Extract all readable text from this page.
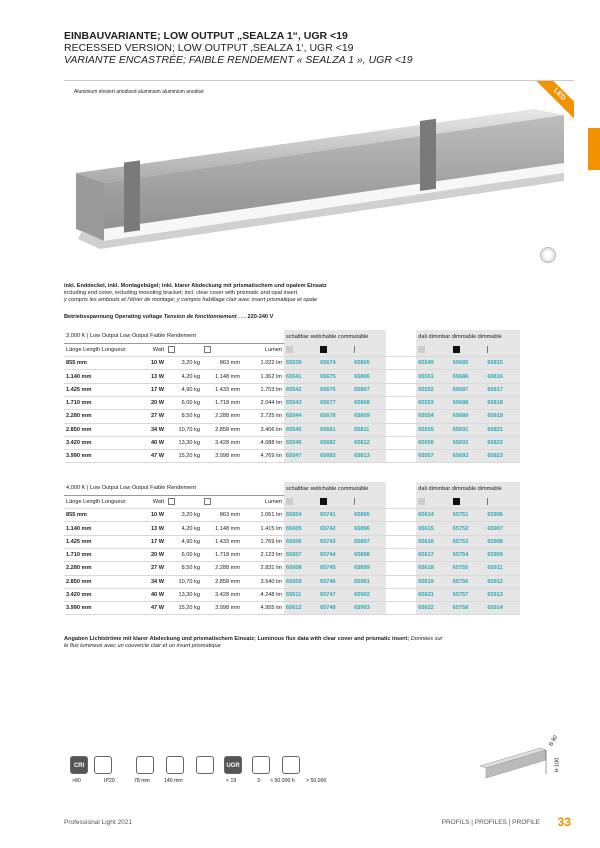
EINBAUVARIANTE; LOW OUTPUT „SEALZA 1“, UGR <19
RECESSED VERSION; LOW OUTPUT ‚SEALZA 1‘, UGR <19
VARIANTE ENCASTRÉE; FAIBLE RENDEMENT « SEALZA 1 », UGR <19
Aluminium eloxiert anodised aluminium aluminium anodisé	LED
inkl. Enddeckel, inkl. Montagebügel; inkl. klarer Abdeckung mit prismatischem und opalem Einsatz
including end cover, including mounting bracket; incl. clear cover with prismatic and opal insert
y compris les embouts et l’étrier de montage; y compris habillage clair avec insert prismatique et opale
Betriebsspannung Operating voltage Tension de fonctionnement . . . 220-240 V
3.000 K | Low Output Low Output Faible Rendement					schaltbar switchable commutable				dali dimmbar dimmable dimmable		
Länge Length Longueur	Watt			Lumen							
855 mm	10 W	3,20 kg	863 mm	1.022 lm	65539	65674	65805		65549	65685	65815
1.140 mm	13 W	4,20 kg	1.148 mm	1.362 lm	65541	65675	65806		65551	65686	65816
1.425 mm	17 W	4,90 kg	1.433 mm	1.703 lm	65542	65676	65807		65552	65687	65817
1.710 mm	20 W	6,00 kg	1.718 mm	2.044 lm	65543	65677	65808		65553	65688	65818
2.280 mm	27 W	8,50 kg	2.288 mm	2.725 lm	65544	65678	65809		65554	65689	65819
2.850 mm	34 W	10,70 kg	2.858 mm	3.406 lm	65545	65681	65811		65555	65691	65821
3.420 mm	40 W	13,30 kg	3.428 mm	4.088 lm	65546	65682	65812		65556	65692	65822
3.990 mm	47 W	15,20 kg	3.998 mm	4.769 lm	65547	65683	65813		65557	65693	65823
4.000 K | Low Output Low Output Faible Rendement					schaltbar switchable commutable				dali dimmbar dimmable dimmable		
Länge Length Longueur	Watt			Lumen							
855 mm	10 W	3,20 kg	863 mm	1.061 lm	65604	65741	65895		65614	65751	65906
1.140 mm	13 W	4,20 kg	1.148 mm	1.415 lm	65605	65742	65896		65615	65752	65907
1.425 mm	17 W	4,90 kg	1.433 mm	1.769 lm	65606	65743	65897		65616	65753	65908
1.710 mm	20 W	6,00 kg	1.718 mm	2.123 lm	65607	65744	65898		65617	65754	65909
2.280 mm	27 W	8,50 kg	2.288 mm	2.831 lm	65608	65745	65899		65618	65755	65911
2.850 mm	34 W	10,70 kg	2.858 mm	3.540 lm	65609	65746	65901		65619	65756	65912
3.420 mm	40 W	13,30 kg	3.428 mm	4.248 lm	65611	65747	65902		65621	65757	65913
3.990 mm	47 W	15,20 kg	3.998 mm	4.955 lm	65612	65748	65903		65622	65758	65914
Angaben Lichtströme mit klarer Abdeckung und prismatischem Einsatz; Luminous flux data with clear cover and prismatic insert; Données sur
le flux lumineux avec un couvercle clair et un insert prismatique
CRI	UGR
>80	IP20	78 mm	140 mm	< 19	3 > 50.000 h > 50.000
B 80
H 100
Professional Light 2021	PROFILS | PROFILES | PROFILE 33
